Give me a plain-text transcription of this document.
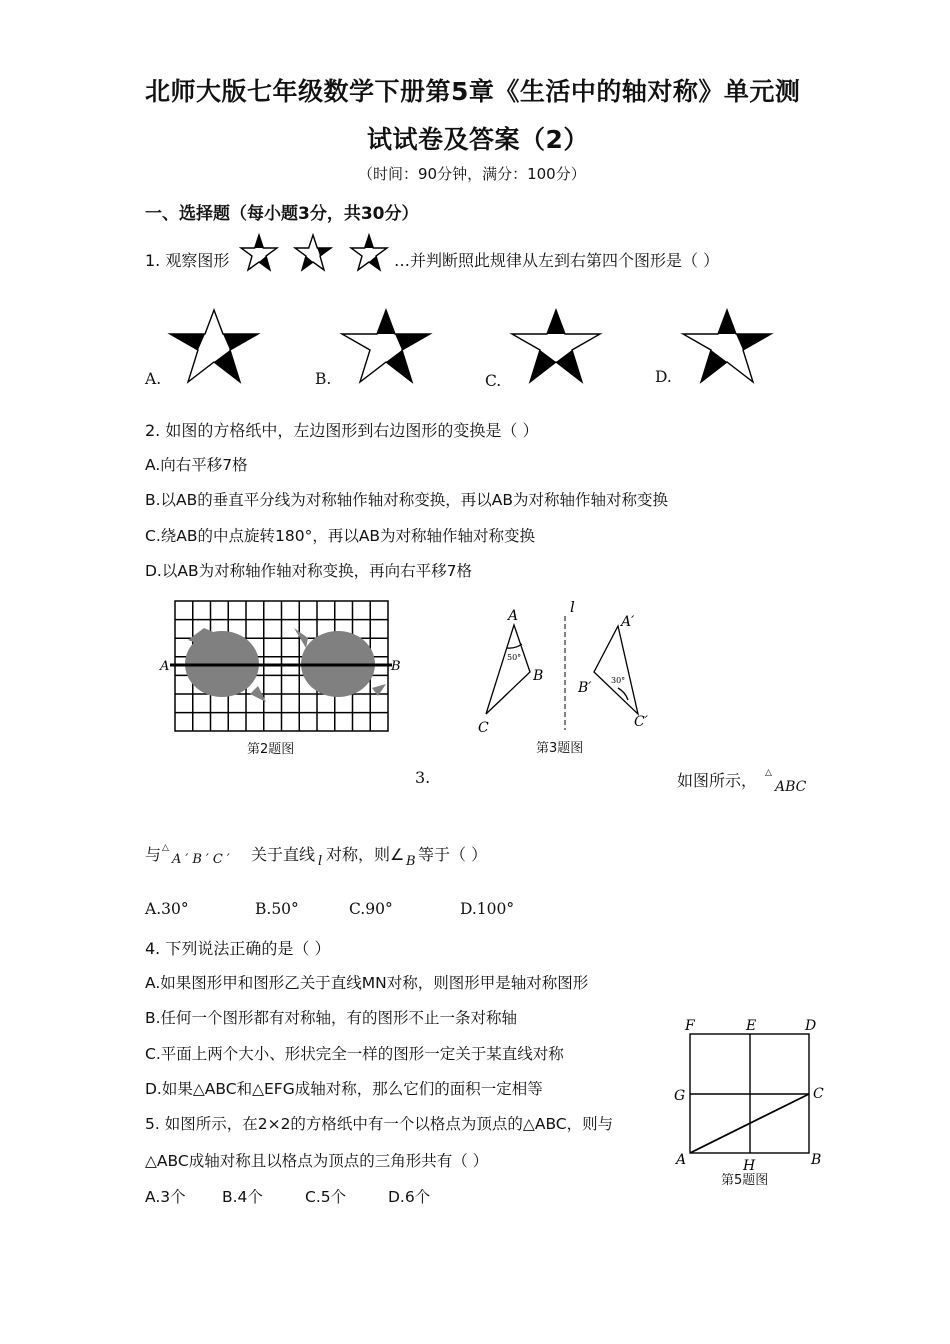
北师大版七年级数学下册第5章《生活中的轴对称》单元测
试试卷及答案（2）
（时间：90分钟，满分：100分）
一、选择题（每小题3分，共30分）
1. 观察图形	…并判断照此规律从左到右第四个图形是（ ）
A.	B.	C.	D.
2. 如图的方格纸中，左边图形到右边图形的变换是（ ）
A.向右平移7格
B.以AB的垂直平分线为对称轴作轴对称变换，再以AB为对称轴作轴对称变换
C.绕AB的中点旋转180°，再以AB为对称轴作轴对称变换
D.以AB为对称轴作轴对称变换，再向右平移7格
A	B
第2题图
l
A
B
C
50°
A′
B′
C′
30°
第3题图
3.	如图所示， △
ABC
与 △
A′B′C′ 关于直线 l 对称，则∠ B 等于（ ）
A.30°	B.50°	C.90°	D.100°
4. 下列说法正确的是（ ）
A.如果图形甲和图形乙关于直线MN对称，则图形甲是轴对称图形
B.任何一个图形都有对称轴，有的图形不止一条对称轴
C.平面上两个大小、形状完全一样的图形一定关于某直线对称
D.如果△ABC和△EFG成轴对称，那么它们的面积一定相等
5. 如图所示，在2×2的方格纸中有一个以格点为顶点的△ABC，则与
△ABC成轴对称且以格点为顶点的三角形共有（ ）
A.3个 B.4个	C.5个	D.6个
F	E	D
G	C
A	H	B
第5题图
